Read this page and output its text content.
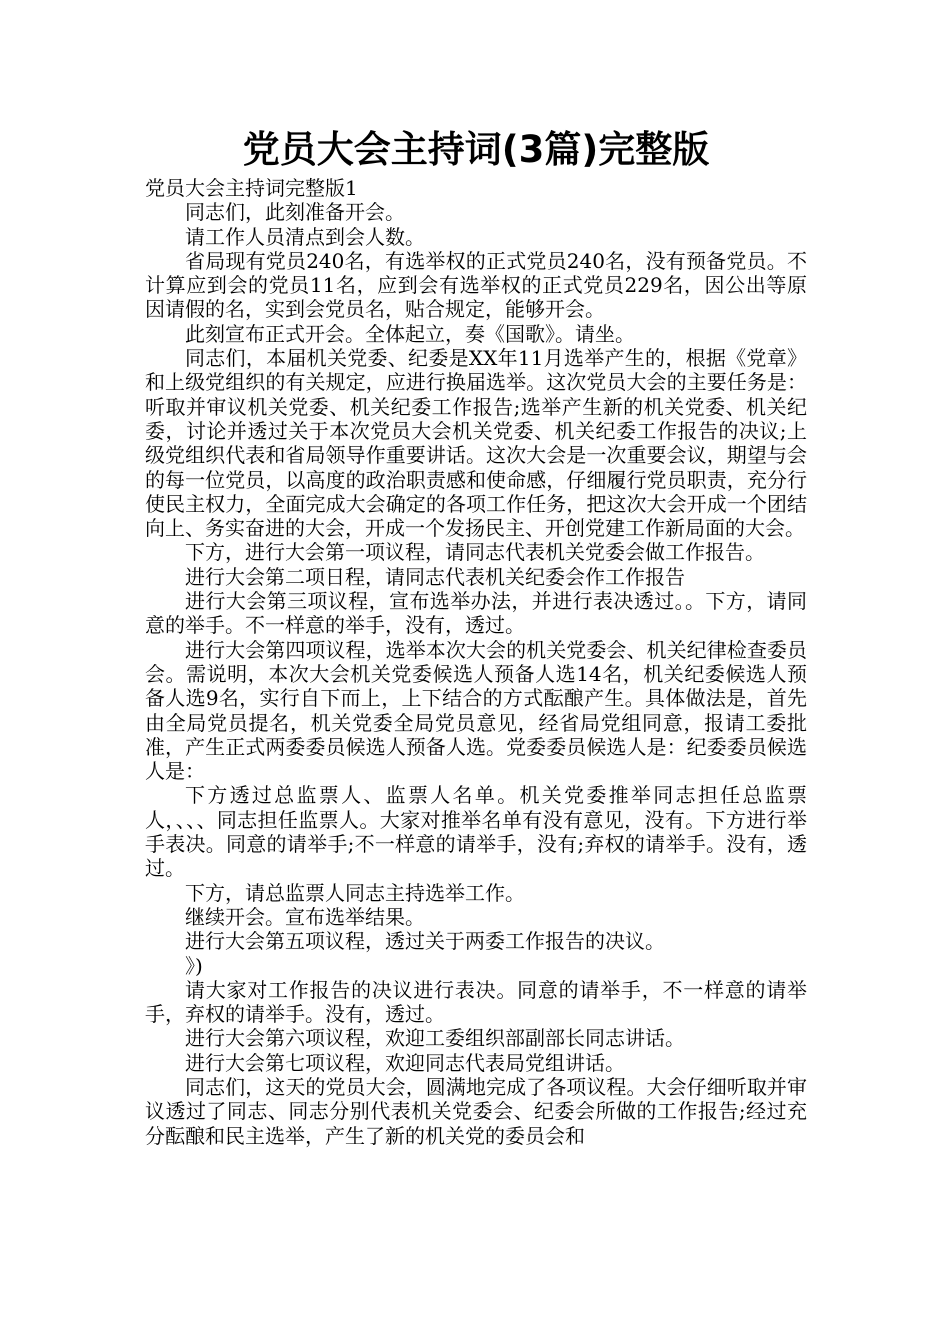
党员大会主持词(3篇)完整版

党员大会主持词完整版1

同志们，此刻准备开会。

请工作人员清点到会人数。

省局现有党员240名，有选举权的正式党员240名，没有预备党员。不计算应到会的党员11名，应到会有选举权的正式党员229名，因公出等原因请假的名，实到会党员名，贴合规定，能够开会。

此刻宣布正式开会。全体起立，奏《国歌》。请坐。

同志们，本届机关党委、纪委是XX年11月选举产生的，根据《党章》和上级党组织的有关规定，应进行换届选举。这次党员大会的主要任务是：听取并审议机关党委、机关纪委工作报告;选举产生新的机关党委、机关纪委，讨论并透过关于本次党员大会机关党委、机关纪委工作报告的决议;上级党组织代表和省局领导作重要讲话。这次大会是一次重要会议，期望与会的每一位党员，以高度的政治职责感和使命感，仔细履行党员职责，充分行使民主权力，全面完成大会确定的各项工作任务，把这次大会开成一个团结向上、务实奋进的大会，开成一个发扬民主、开创党建工作新局面的大会。

下方，进行大会第一项议程，请同志代表机关党委会做工作报告。

进行大会第二项日程，请同志代表机关纪委会作工作报告

进行大会第三项议程，宣布选举办法，并进行表决透过。。下方，请同意的举手。不一样意的举手，没有，透过。

进行大会第四项议程，选举本次大会的机关党委会、机关纪律检查委员会。需说明，本次大会机关党委候选人预备人选14名，机关纪委候选人预备人选9名，实行自下而上，上下结合的方式酝酿产生。具体做法是，首先由全局党员提名，机关党委全局党员意见，经省局党组同意，报请工委批准，产生正式两委委员候选人预备人选。党委委员候选人是：纪委委员候选人是：

下方透过总监票人、监票人名单。机关党委推举同志担任总监票人，、、、同志担任监票人。大家对推举名单有没有意见，没有。下方进行举手表决。同意的请举手;不一样意的请举手，没有;弃权的请举手。没有，透过。

下方，请总监票人同志主持选举工作。

继续开会。宣布选举结果。

进行大会第五项议程，透过关于两委工作报告的决议。

》)

请大家对工作报告的决议进行表决。同意的请举手，不一样意的请举手，弃权的请举手。没有，透过。

进行大会第六项议程，欢迎工委组织部副部长同志讲话。

进行大会第七项议程，欢迎同志代表局党组讲话。

同志们，这天的党员大会，圆满地完成了各项议程。大会仔细听取并审议透过了同志、同志分别代表机关党委会、纪委会所做的工作报告;经过充分酝酿和民主选举，产生了新的机关党的委员会和
